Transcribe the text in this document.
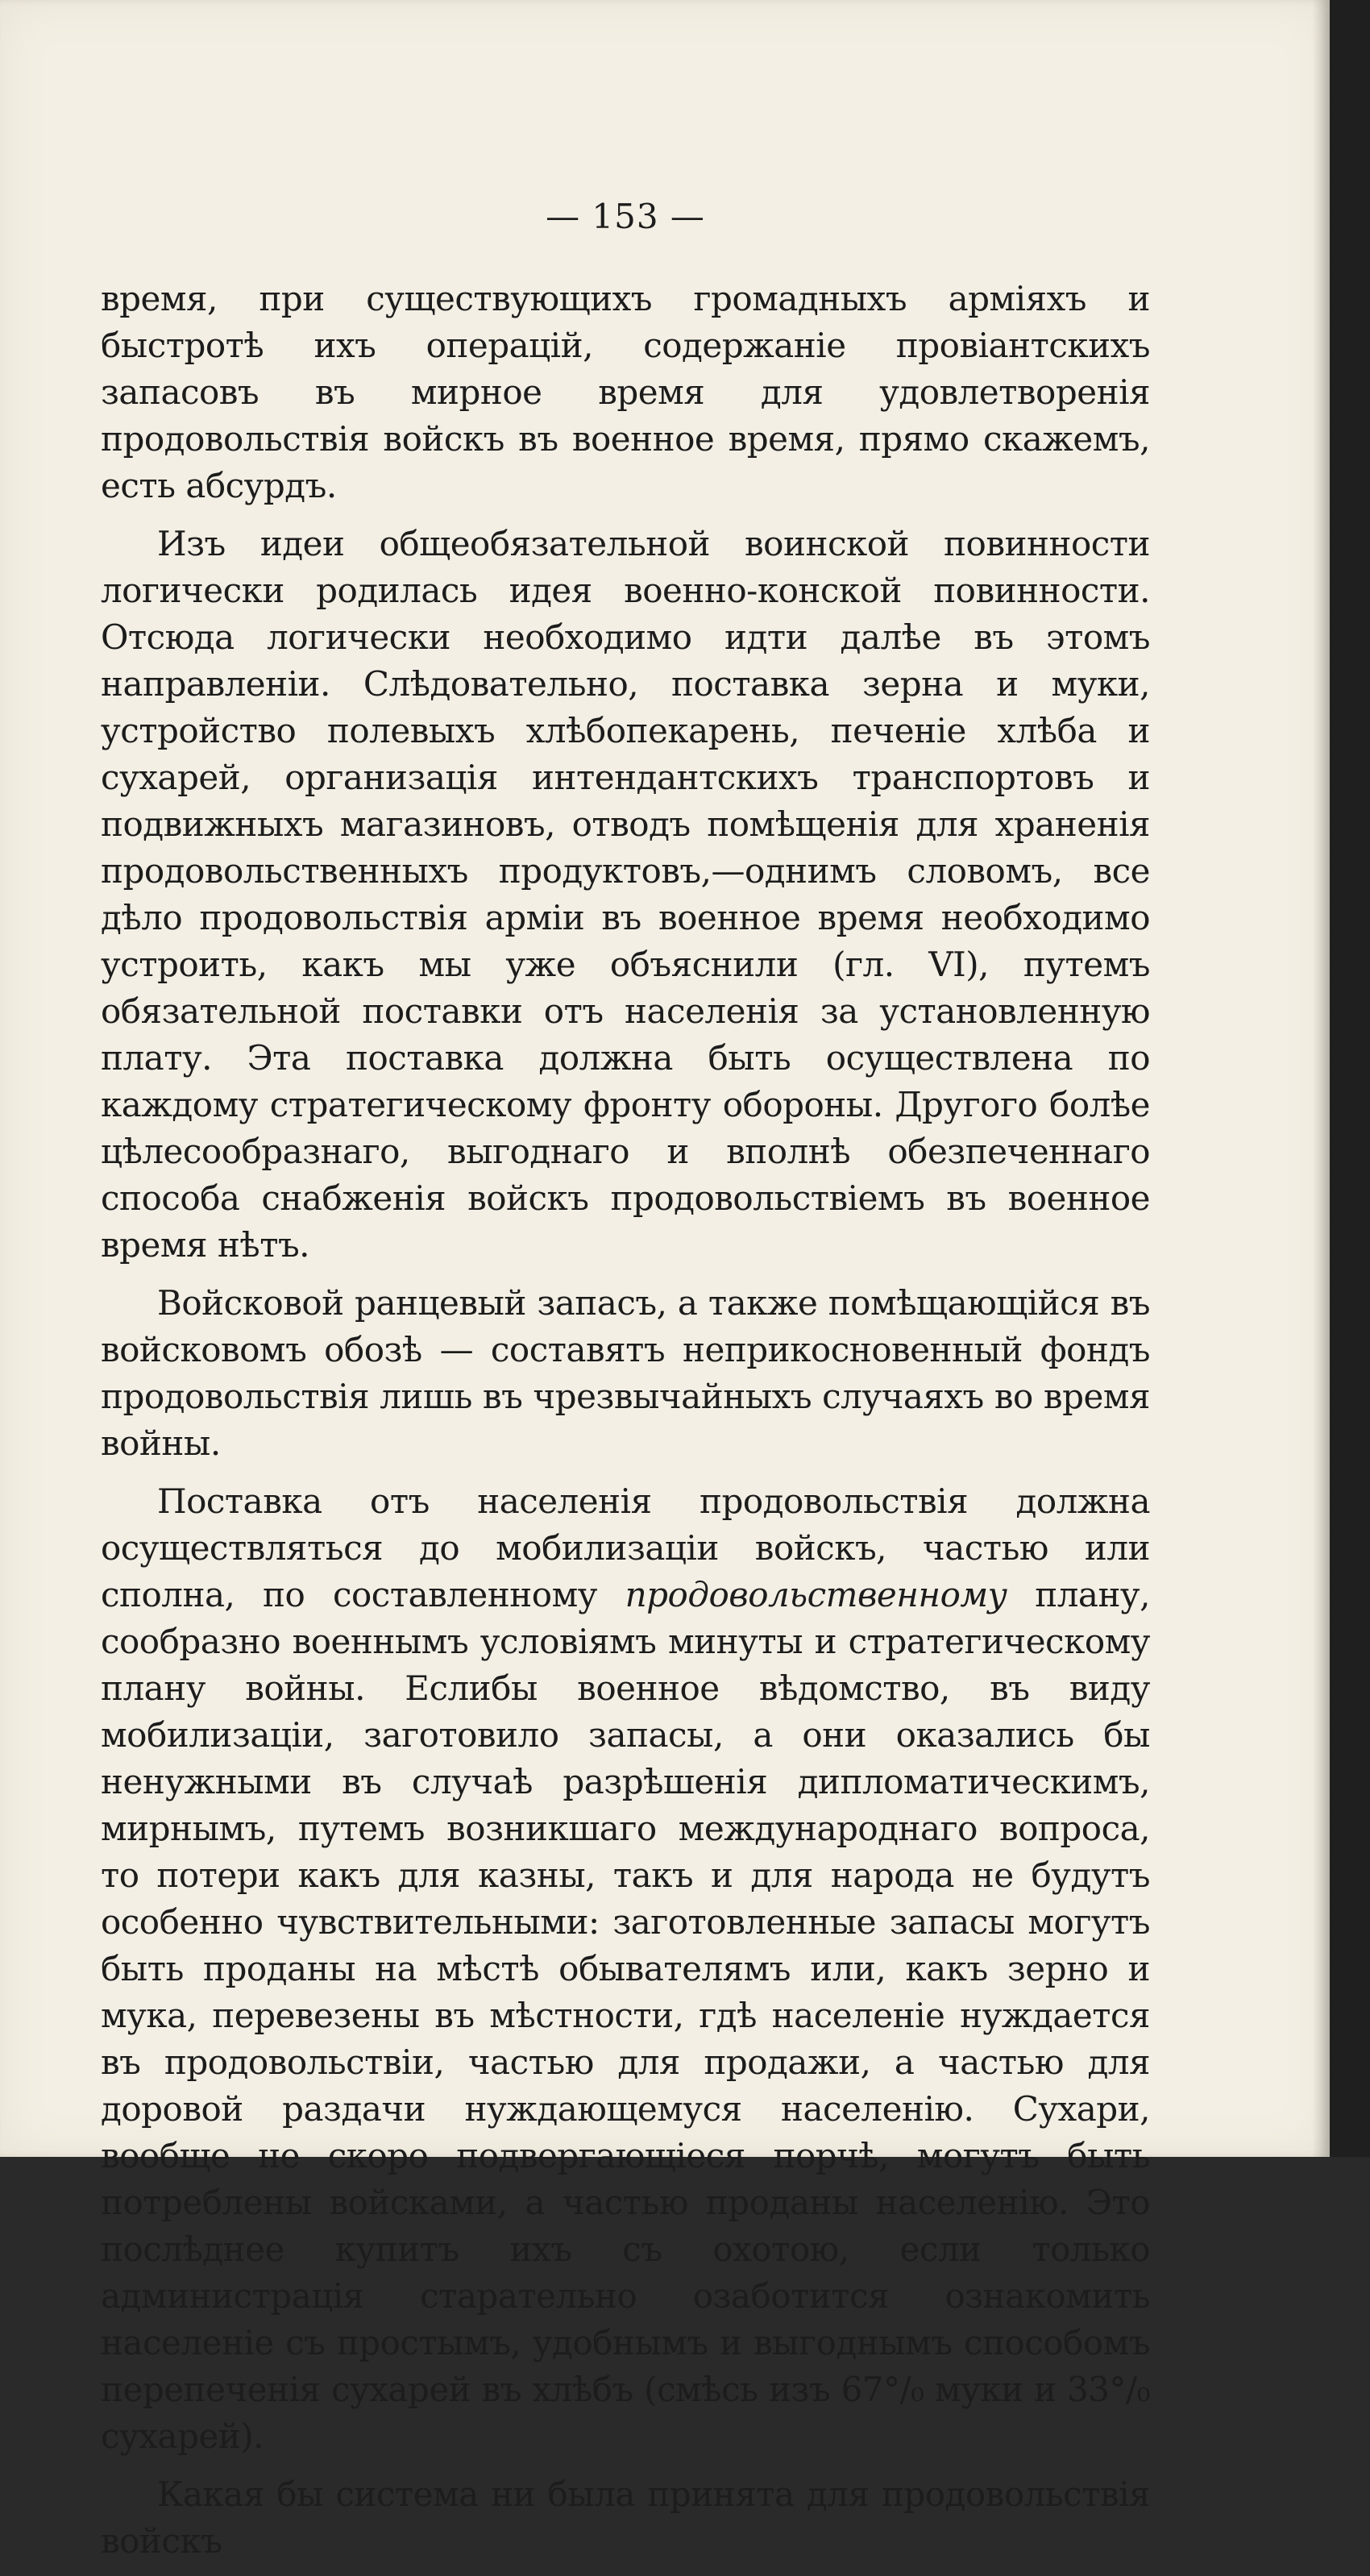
— 153 —

время, при существующихъ громадныхъ арміяхъ и быстротѣ ихъ операцій, содержаніе провіантскихъ запасовъ въ мирное время для удовлетворенія продовольствія войскъ въ военное время, прямо скажемъ, есть абсурдъ.

Изъ идеи общеобязательной воинской повинности логически родилась идея военно-конской повинности. Отсюда логически необходимо идти далѣе въ этомъ направленіи. Слѣдовательно, поставка зерна и муки, устройство полевыхъ хлѣбопекарень, печеніе хлѣба и сухарей, организація интендантскихъ транспортовъ и подвижныхъ магазиновъ, отводъ помѣщенія для храненія продовольственныхъ продуктовъ,—однимъ словомъ, все дѣло продовольствія арміи въ военное время необходимо устроить, какъ мы уже объяснили (гл. VI), путемъ обязательной поставки отъ населенія за установленную плату. Эта поставка должна быть осуществлена по каждому стратегическому фронту обороны. Другого болѣе цѣлесообразнаго, выгоднаго и вполнѣ обезпеченнаго способа снабженія войскъ продовольствіемъ въ военное время нѣтъ.

Войсковой ранцевый запасъ, а также помѣщающійся въ войсковомъ обозѣ — составятъ неприкосновенный фондъ продовольствія лишь въ чрезвычайныхъ случаяхъ во время войны.

Поставка отъ населенія продовольствія должна осуществляться до мобилизаціи войскъ, частью или сполна, по составленному продовольственному плану, сообразно военнымъ условіямъ минуты и стратегическому плану войны. Еслибы военное вѣдомство, въ виду мобилизаціи, заготовило запасы, а они оказались бы ненужными въ случаѣ разрѣшенія дипломатическимъ, мирнымъ, путемъ возникшаго международнаго вопроса, то потери какъ для казны, такъ и для народа не будутъ особенно чувствительными: заготовленные запасы могутъ быть проданы на мѣстѣ обывателямъ или, какъ зерно и мука, перевезены въ мѣстности, гдѣ населеніе нуждается въ продовольствіи, частью для продажи, а частью для доровой раздачи нуждающемуся населенію. Сухари, вообще не скоро подвергающіеся порчѣ, могутъ быть потреблены войсками, а частью проданы населенію. Это послѣднее купитъ ихъ съ охотою, если только администрація старательно озаботится ознакомить населеніе съ простымъ, удобнымъ и выгоднымъ способомъ перепеченія сухарей въ хлѣбъ (смѣсь изъ 67°/₀ муки и 33°/₀ сухарей).

Какая бы система ни была принята для продовольствія войскъ
